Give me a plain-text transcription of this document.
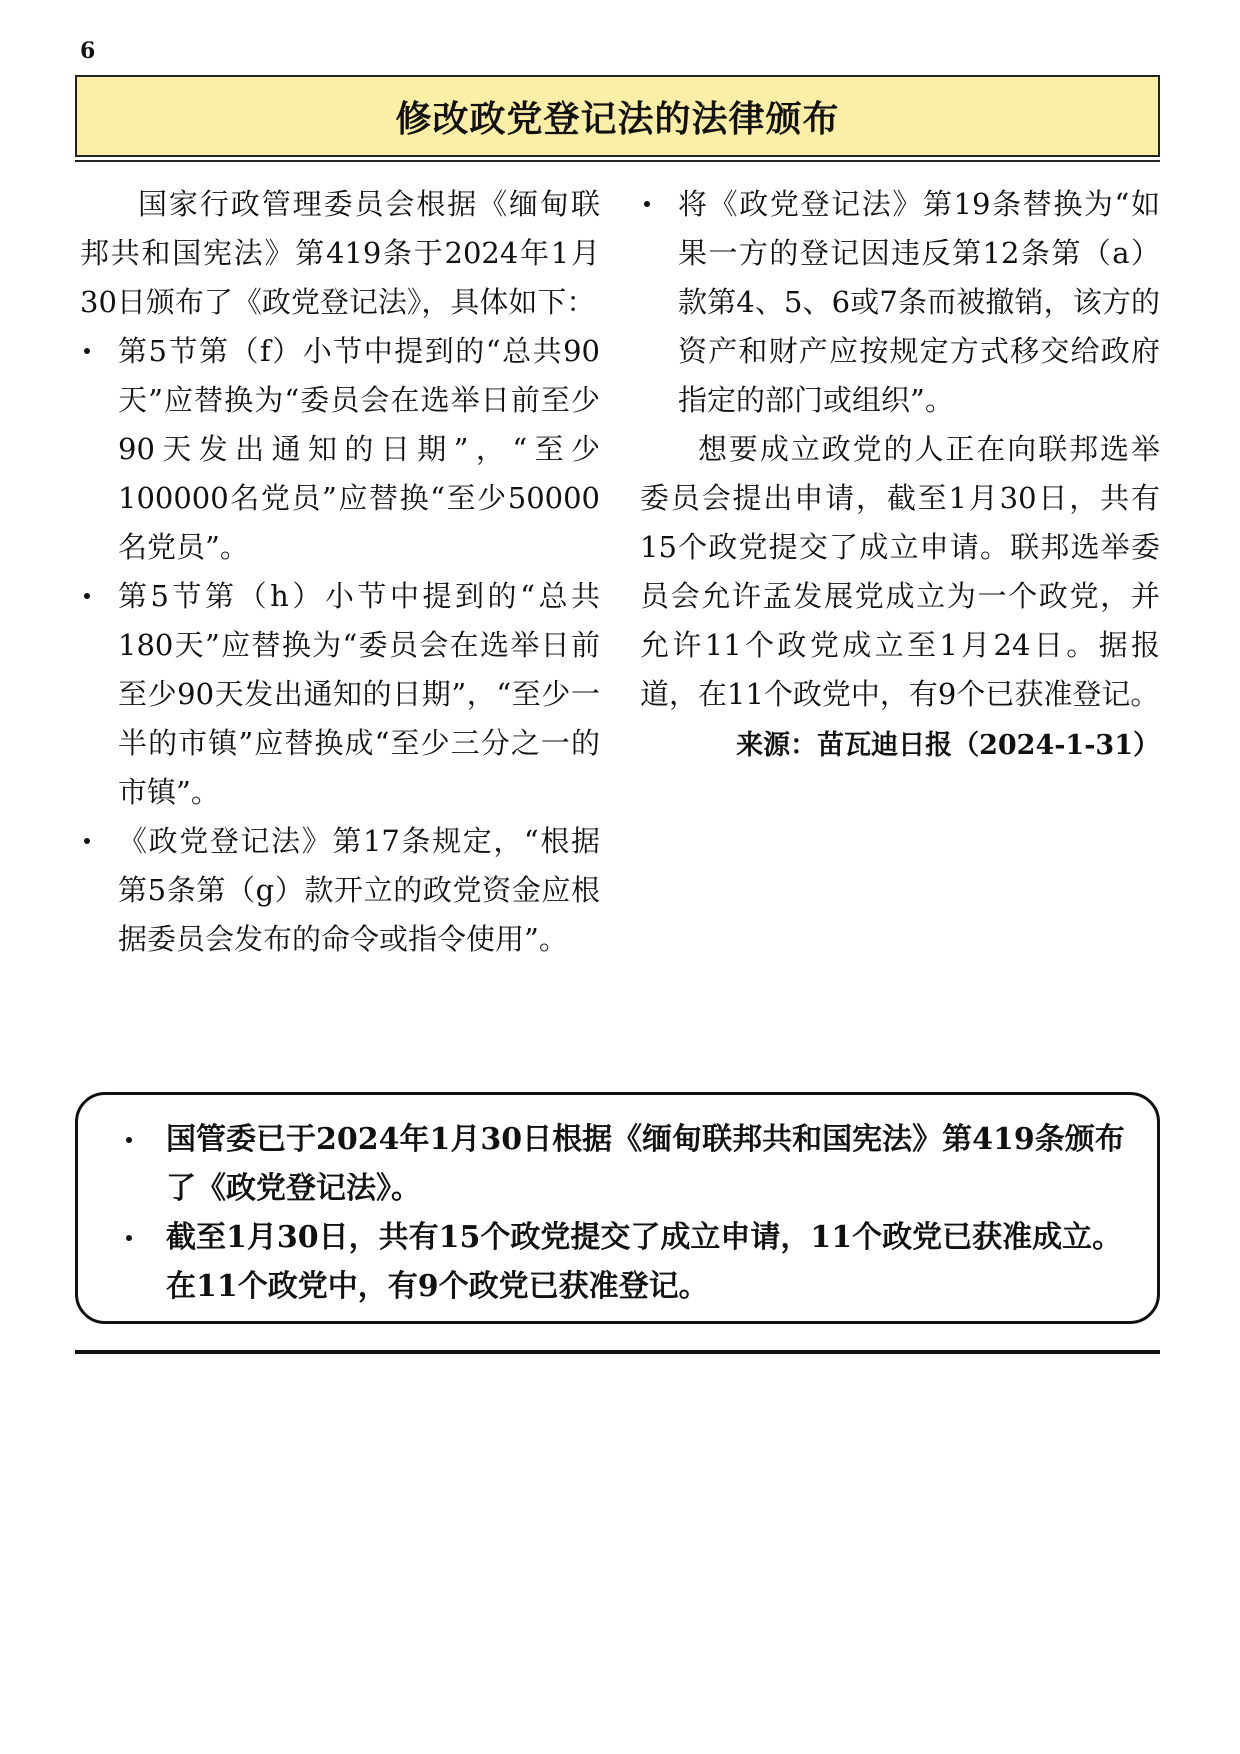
6
修改政党登记法的法律颁布

国家行政管理委员会根据《缅甸联邦共和国宪法》第419条于2024年1月30日颁布了《政党登记法》，具体如下：

第5节第（f）小节中提到的“总共90天”应替换为“委员会在选举日前至少90天发出通知的日期”，“至少100000名党员”应替换“至少50000名党员”。
第5节第（h）小节中提到的“总共180天”应替换为“委员会在选举日前至少90天发出通知的日期”，“至少一半的市镇”应替换成“至少三分之一的市镇”。
《政党登记法》第17条规定，“根据第5条第（g）款开立的政党资金应根据委员会发布的命令或指令使用”。
将《政党登记法》第19条替换为“如果一方的登记因违反第12条第（a）款第4、5、6或7条而被撤销，该方的资产和财产应按规定方式移交给政府指定的部门或组织”。

想要成立政党的人正在向联邦选举委员会提出申请，截至1月30日，共有15个政党提交了成立申请。联邦选举委员会允许孟发展党成立为一个政党，并允许11个政党成立至1月24日。据报道，在11个政党中，有9个已获准登记。

来源：苗瓦迪日报（2024-1-31）

国管委已于2024年1月30日根据《缅甸联邦共和国宪法》第419条颁布了《政党登记法》。
截至1月30日，共有15个政党提交了成立申请，11个政党已获准成立。在11个政党中，有9个政党已获准登记。
